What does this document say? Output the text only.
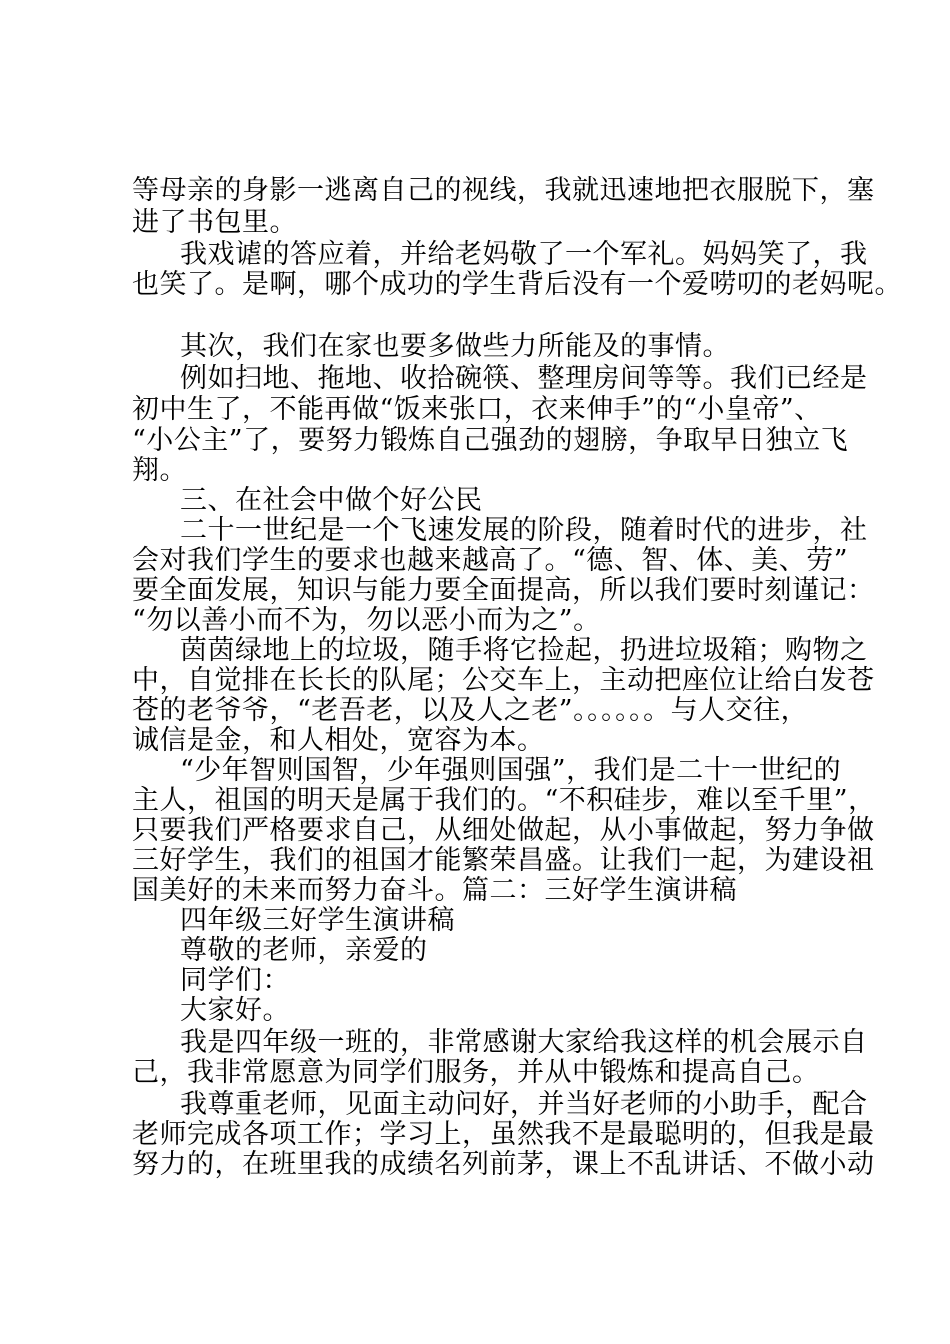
等母亲的身影一逃离自己的视线，我就迅速地把衣服脱下，塞
进了书包里。
我戏谑的答应着，并给老妈敬了一个军礼。妈妈笑了，我
也笑了。是啊，哪个成功的学生背后没有一个爱唠叨的老妈呢。
其次，我们在家也要多做些力所能及的事情。
例如扫地、拖地、收拾碗筷、整理房间等等。我们已经是
初中生了，不能再做“饭来张口，衣来伸手”的“小皇帝”、
“小公主”了，要努力锻炼自己强劲的翅膀，争取早日独立飞
翔。
三、在社会中做个好公民
二十一世纪是一个飞速发展的阶段，随着时代的进步，社
会对我们学生的要求也越来越高了。“德、智、体、美、劳”
要全面发展，知识与能力要全面提高，所以我们要时刻谨记：
“勿以善小而不为，勿以恶小而为之”。
茵茵绿地上的垃圾，随手将它捡起，扔进垃圾箱；购物之
中，自觉排在长长的队尾；公交车上，主动把座位让给白发苍
苍的老爷爷，“老吾老，以及人之老”。。。。。。与人交往，
诚信是金，和人相处，宽容为本。
“少年智则国智，少年强则国强”，我们是二十一世纪的
主人，祖国的明天是属于我们的。“不积硅步，难以至千里”，
只要我们严格要求自己，从细处做起，从小事做起，努力争做
三好学生，我们的祖国才能繁荣昌盛。让我们一起，为建设祖
国美好的未来而努力奋斗。篇二：三好学生演讲稿
四年级三好学生演讲稿
尊敬的老师，亲爱的
同学们：
大家好。
我是四年级一班的，非常感谢大家给我这样的机会展示自
己，我非常愿意为同学们服务，并从中锻炼和提高自己。
我尊重老师，见面主动问好，并当好老师的小助手，配合
老师完成各项工作；学习上，虽然我不是最聪明的，但我是最
努力的，在班里我的成绩名列前茅，课上不乱讲话、不做小动
